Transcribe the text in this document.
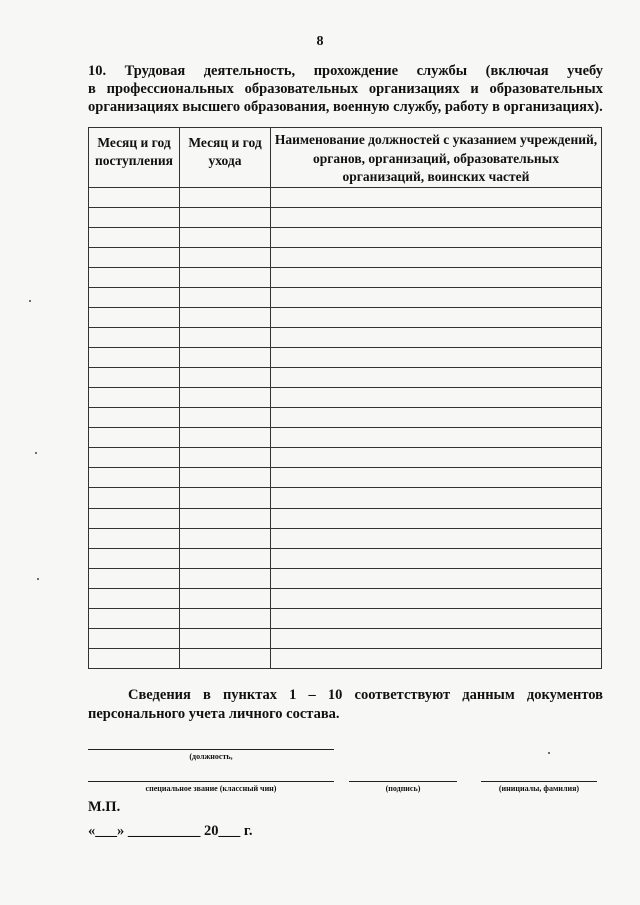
8
10. Трудовая деятельность, прохождение службы (включая учебу
в профессиональных образовательных организациях и образовательных
организациях высшего образования, военную службу, работу в организациях).
Месяц и год поступления	Месяц и год ухода	Наименование должностей с указанием учреждений, органов, организаций, образовательных организаций, воинских частей

Сведения в пунктах 1 – 10 соответствуют данным документов
персонального учета личного состава.
(должность,
специальное звание (классный чин)	(подпись)	(инициалы, фамилия)
М.П.
«___» __________ 20___ г.
